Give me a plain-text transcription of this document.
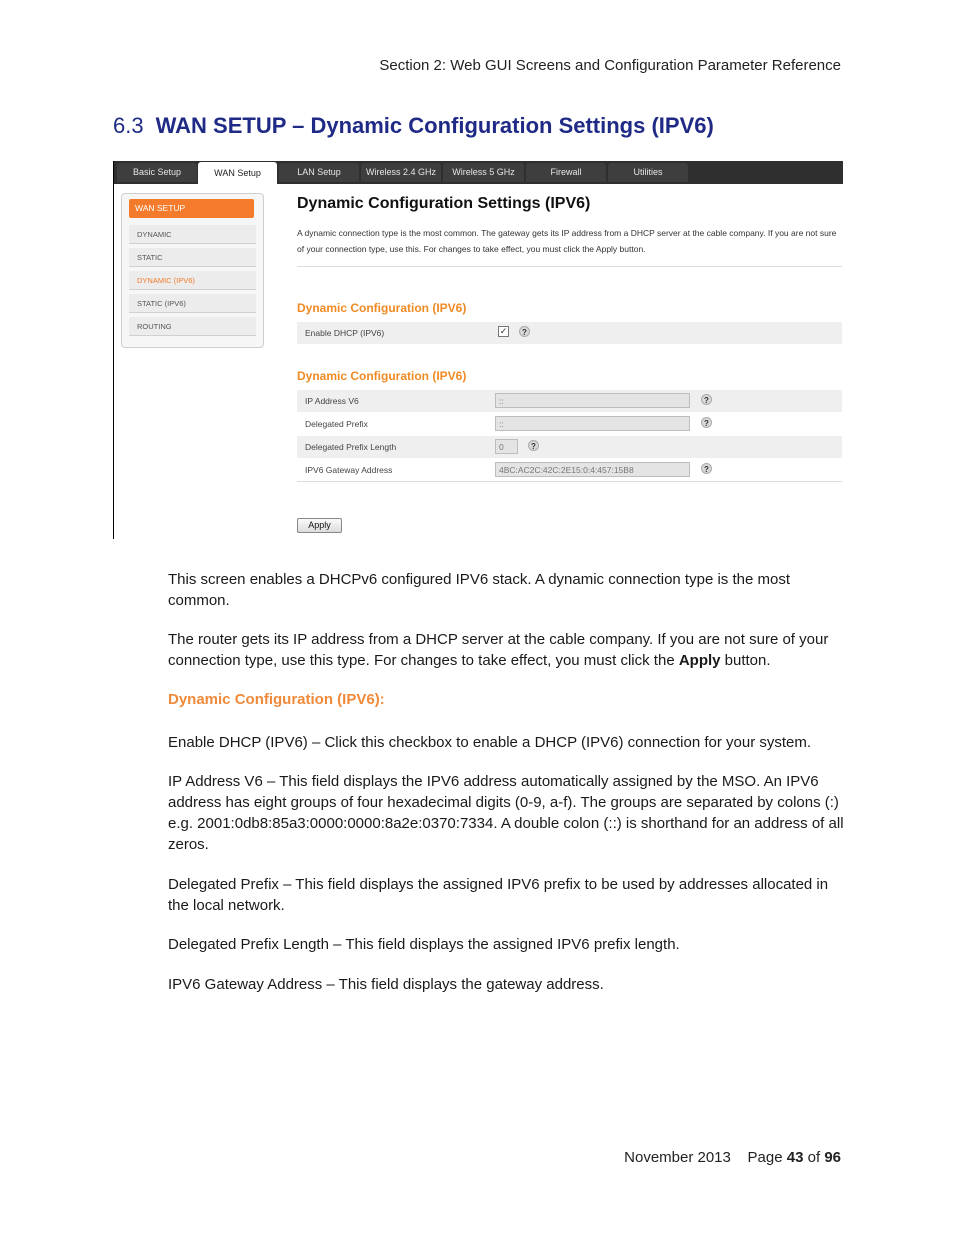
Section 2: Web GUI Screens and Configuration Parameter Reference
6.3 WAN SETUP – Dynamic Configuration Settings (IPV6)
Basic Setup	WAN Setup	LAN Setup	Wireless 2.4 GHz	Wireless 5 GHz	Firewall	Utilities
WAN SETUP
DYNAMIC
STATIC
DYNAMIC (IPV6)
STATIC (IPV6)
ROUTING
Dynamic Configuration Settings (IPV6)
A dynamic connection type is the most common. The gateway gets its IP address from a DHCP server at the cable company. If you are not sure of your connection type, use this. For changes to take effect, you must click the Apply button.
Dynamic Configuration (IPV6)
Enable DHCP (IPV6)	✓	?
Dynamic Configuration (IPV6)
IP Address V6	::	?
Delegated Prefix	::	?
Delegated Prefix Length	0	?
IPV6 Gateway Address	4BC:AC2C:42C:2E15:0:4:457:15B8	?
Apply
This screen enables a DHCPv6 configured IPV6 stack. A dynamic connection type is the most common.
The router gets its IP address from a DHCP server at the cable company. If you are not sure of your connection type, use this type. For changes to take effect, you must click the Apply button.
Dynamic Configuration (IPV6):
Enable DHCP (IPV6) – Click this checkbox to enable a DHCP (IPV6) connection for your system.
IP Address V6 – This field displays the IPV6 address automatically assigned by the MSO. An IPV6 address has eight groups of four hexadecimal digits (0-9, a-f). The groups are separated by colons (:) e.g. 2001:0db8:85a3:0000:0000:8a2e:0370:7334. A double colon (::) is shorthand for an address of all zeros.
Delegated Prefix – This field displays the assigned IPV6 prefix to be used by addresses allocated in the local network.
Delegated Prefix Length – This field displays the assigned IPV6 prefix length.
IPV6 Gateway Address – This field displays the gateway address.
November 2013 Page 43 of 96
